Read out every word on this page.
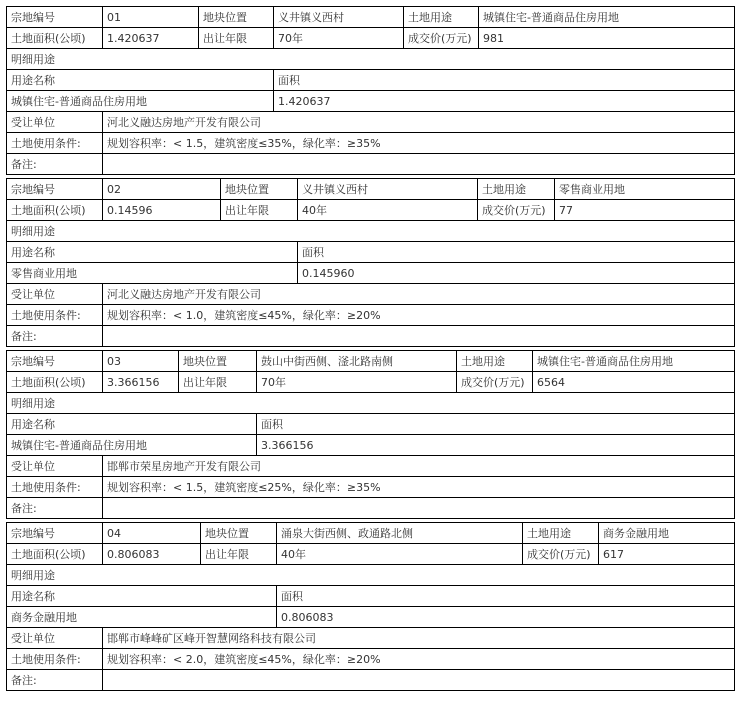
宗地编号	01	地块位置	义井镇义西村	土地用途	城镇住宅-普通商品住房用地
土地面积(公顷)	1.420637	出让年限	70年	成交价(万元)	981
明细用途					
用途名称			面积		
城镇住宅-普通商品住房用地			1.420637		
受让单位	河北义融达房地产开发有限公司				
土地使用条件:	规划容积率：< 1.5，建筑密度≤35%，绿化率：≥35%				
备注:					
宗地编号	02	地块位置	义井镇义西村	土地用途	零售商业用地
土地面积(公顷)	0.14596	出让年限	40年	成交价(万元)	77
明细用途					
用途名称			面积		
零售商业用地			0.145960		
受让单位	河北义融达房地产开发有限公司				
土地使用条件:	规划容积率：< 1.0，建筑密度≤45%，绿化率：≥20%				
备注:					
宗地编号	03	地块位置	鼓山中街西侧、滏北路南侧	土地用途	城镇住宅-普通商品住房用地
土地面积(公顷)	3.366156	出让年限	70年	成交价(万元)	6564
明细用途					
用途名称			面积		
城镇住宅-普通商品住房用地			3.366156		
受让单位	邯郸市荣星房地产开发有限公司				
土地使用条件:	规划容积率：< 1.5，建筑密度≤25%，绿化率：≥35%				
备注:					
宗地编号	04	地块位置	涌泉大街西侧、政通路北侧	土地用途	商务金融用地
土地面积(公顷)	0.806083	出让年限	40年	成交价(万元)	617
明细用途					
用途名称			面积		
商务金融用地			0.806083		
受让单位	邯郸市峰峰矿区峰开智慧网络科技有限公司				
土地使用条件:	规划容积率：< 2.0，建筑密度≤45%，绿化率：≥20%				
备注:					
